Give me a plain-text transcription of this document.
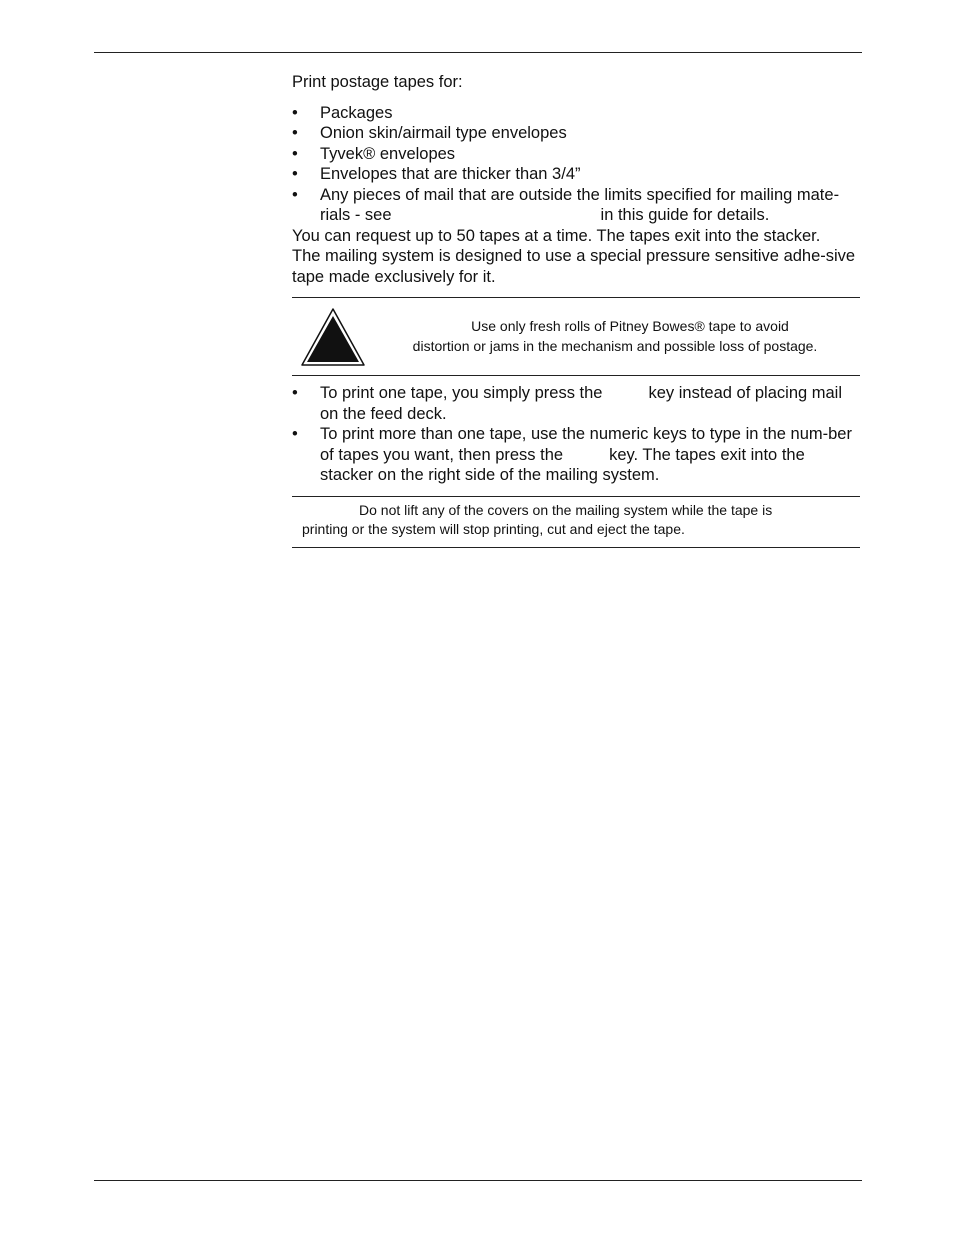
Print postage tapes for:

• Packages
• Onion skin/airmail type envelopes
• Tyvek® envelopes
• Envelopes that are thicker than 3/4”
• Any pieces of mail that are outside the limits specified for mailing mate-
rials - see	in this guide for details.

You can request up to 50 tapes at a time. The tapes exit into the stacker.

The mailing system is designed to use a special pressure sensitive adhe-sive tape made exclusively for it.

Use only fresh rolls of Pitney Bowes® tape to avoid
distortion or jams in the mechanism and possible loss of postage.
• To print one tape, you simply press the	key instead of placing mail on the feed deck.
• To print more than one tape, use the numeric keys to type in the num-ber of tapes you want, then press the	key. The tapes exit into the stacker on the right side of the mailing system.
Do not lift any of the covers on the mailing system while the tape is
printing or the system will stop printing, cut and eject the tape.
